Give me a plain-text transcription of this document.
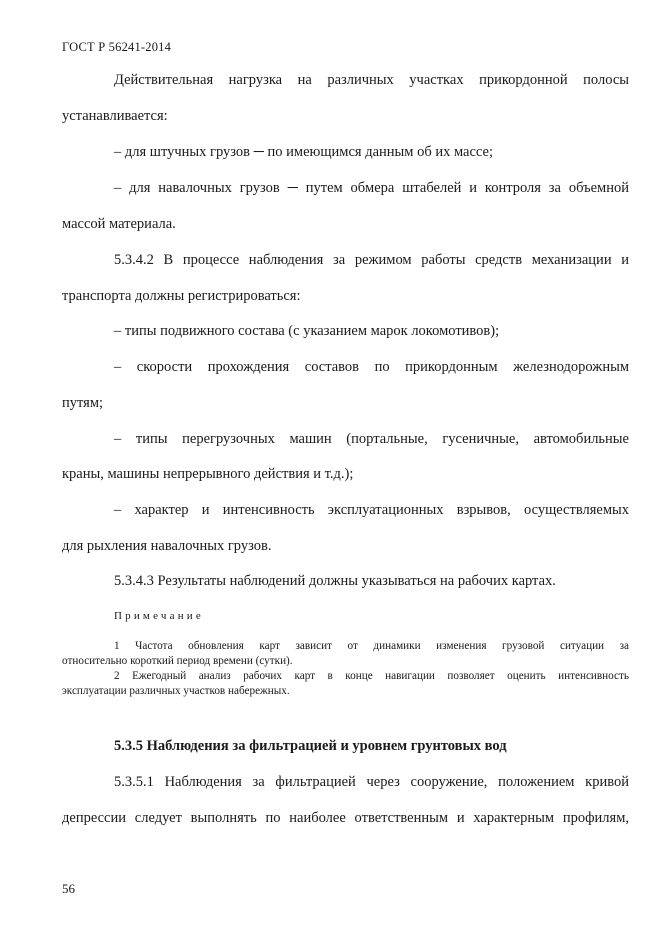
ГОСТ Р 56241-2014
Действительная нагрузка на различных участках прикордонной полосы
устанавливается:
– для штучных грузов ─ по имеющимся данным об их массе;
– для навалочных грузов ─ путем обмера штабелей и контроля за объемной
массой материала.
5.3.4.2 В процессе наблюдения за режимом работы средств механизации и
транспорта должны регистрироваться:
– типы подвижного состава (с указанием марок локомотивов);
– скорости прохождения составов по прикордонным железнодорожным
путям;
– типы перегрузочных машин (портальные, гусеничные, автомобильные
краны, машины непрерывного действия и т.д.);
– характер и интенсивность эксплуатационных взрывов, осуществляемых
для рыхления навалочных грузов.
5.3.4.3 Результаты наблюдений должны указываться на рабочих картах.
Примечание
1 Частота обновления карт зависит от динамики изменения грузовой ситуации за
относительно короткий период времени (сутки).
2 Ежегодный анализ рабочих карт в конце навигации позволяет оценить интенсивность
эксплуатации различных участков набережных.
5.3.5 Наблюдения за фильтрацией и уровнем грунтовых вод
5.3.5.1 Наблюдения за фильтрацией через сооружение, положением кривой
депрессии следует выполнять по наиболее ответственным и характерным профилям,
56
